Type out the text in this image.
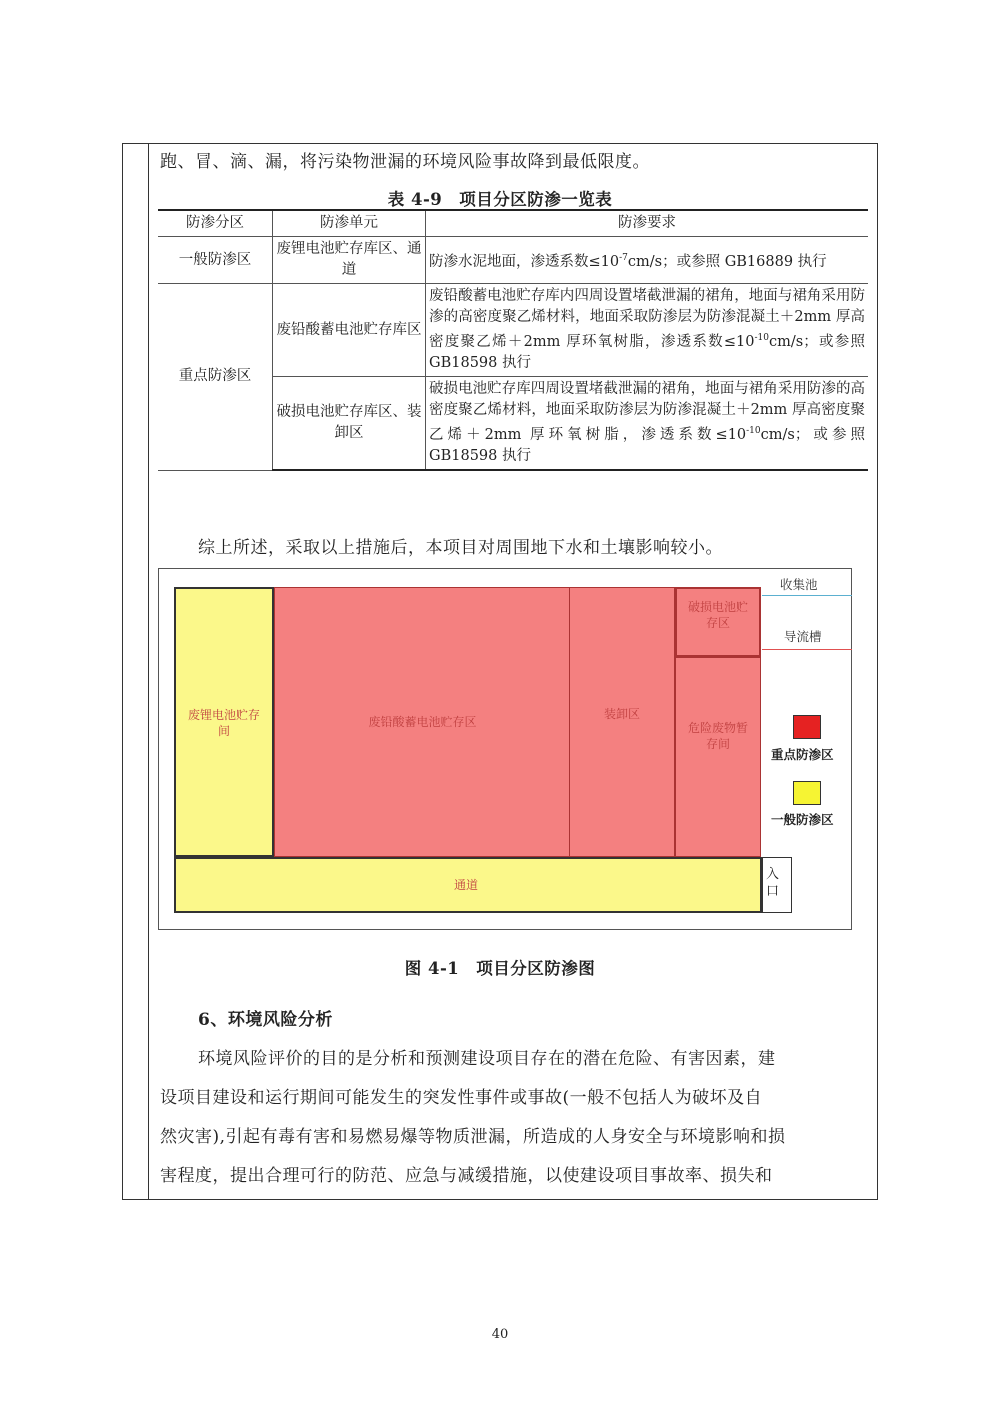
跑、冒、滴、漏，将污染物泄漏的环境风险事故降到最低限度。
表 4-9　项目分区防渗一览表
防渗分区	防渗单元	防渗要求
一般防渗区	废锂电池贮存库区、通道	防渗水泥地面，渗透系数$\le 10^{-7}cm/s$；或参照 GB16889 执行
重点防渗区	废铅酸蓄电池贮存库区	废铅酸蓄电池贮存库内四周设置堵截泄漏的裙角，地面与裙角采用防渗的高密度聚乙烯材料，地面采取防渗层为防渗混凝土＋2mm 厚高密度聚乙烯＋2mm 厚环氧树脂，渗透系数$\le 10^{-10}cm/s$；或参照 GB18598 执行
	破损电池贮存库区、装卸区	破损电池贮存库四周设置堵截泄漏的裙角，地面与裙角采用防渗的高密度聚乙烯材料，地面采取防渗层为防渗混凝土＋2mm 厚高密度聚乙烯＋2mm 厚环氧树脂，渗透系数$\le 10^{-10}cm/s$；或参照 GB18598 执行
综上所述，采取以上措施后，本项目对周围地下水和土壤影响较小。
废锂电池贮存间
废铅酸蓄电池贮存区
装卸区
破损电池贮存区
危险废物暂存间
通道
入口
收集池
导流槽
重点防渗区
一般防渗区
图 4-1　项目分区防渗图
6、环境风险分析
环境风险评价的目的是分析和预测建设项目存在的潜在危险、有害因素，建
设项目建设和运行期间可能发生的突发性事件或事故(一般不包括人为破坏及自
然灾害),引起有毒有害和易燃易爆等物质泄漏，所造成的人身安全与环境影响和损
害程度，提出合理可行的防范、应急与减缓措施，以使建设项目事故率、损失和
40
